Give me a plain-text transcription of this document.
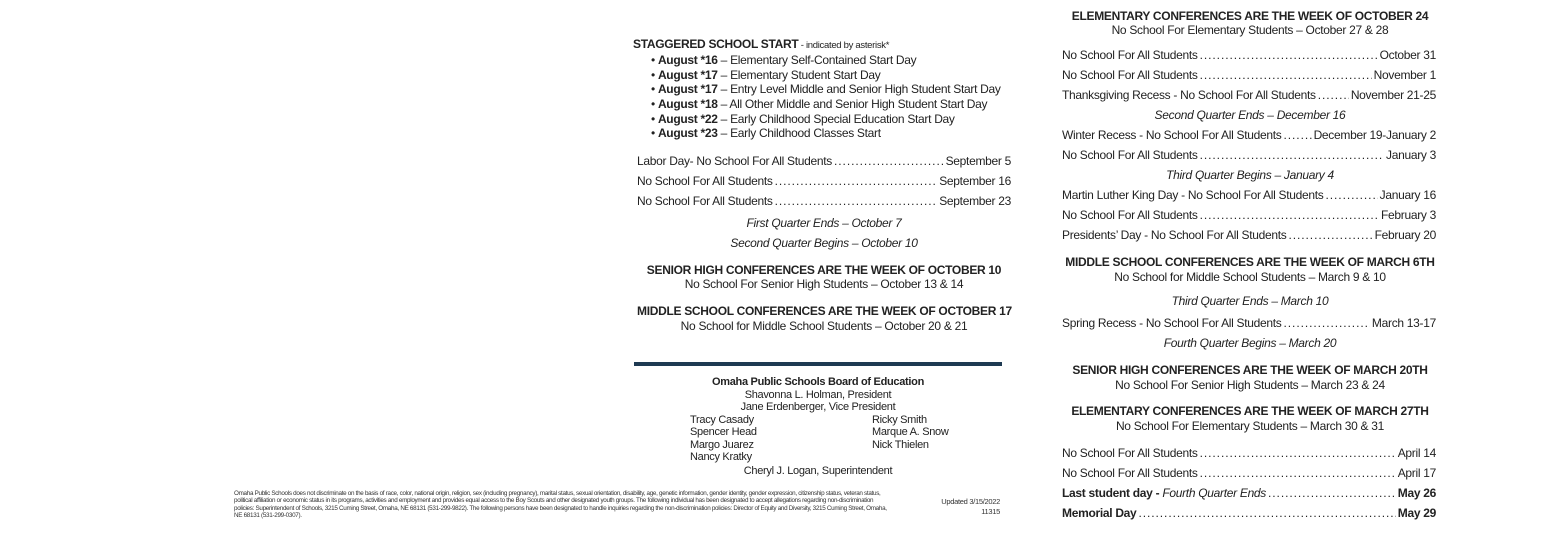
STAGGERED SCHOOL START - indicated by asterisk*
• August *16 – Elementary Self-Contained Start Day
• August *17 – Elementary Student Start Day
• August *17 – Entry Level Middle and Senior High Student Start Day
• August *18 – All Other Middle and Senior High Student Start Day
• August *22 – Early Childhood Special Education Start Day
• August *23 – Early Childhood Classes Start
Labor Day- No School For All Students . . .	September 5
No School For All Students . . .	September 16
No School For All Students . . .	September 23
First Quarter Ends – October 7
Second Quarter Begins – October 10
SENIOR HIGH CONFERENCES ARE THE WEEK OF OCTOBER 10
No School For Senior High Students – October 13 & 14
MIDDLE SCHOOL CONFERENCES ARE THE WEEK OF OCTOBER 17
No School for Middle School Students – October 20 & 21
Omaha Public Schools Board of Education
Shavonna L. Holman, President
Jane Erdenberger, Vice President
Tracy Casady
Spencer Head
Margo Juarez
Nancy Kratky
Ricky Smith
Marque A. Snow
Nick Thielen
Cheryl J. Logan, Superintendent
Omaha Public Schools does not discriminate on the basis of race, color, national origin, religion, sex (including pregnancy), marital status, sexual orientation, disability, age, genetic information, gender identity, gender expression, citizenship status, veteran status, political affiliation or economic status in its programs, activities and employment and provides equal access to the Boy Scouts and other designated youth groups. The following individual has been designated to accept allegations regarding non-discrimination policies: Superintendent of Schools, 3215 Cuming Street, Omaha, NE 68131 (531-299-9822). The following persons have been designated to handle inquiries regarding the non-discrimination policies: Director of Equity and Diversity, 3215 Cuming Street, Omaha, NE 68131 (531-299-0307).
Updated 3/15/2022
11315
ELEMENTARY CONFERENCES ARE THE WEEK OF OCTOBER 24
No School For Elementary Students – October 27 & 28
No School For All Students . . .	October 31
No School For All Students . . .	November 1
Thanksgiving Recess - No School For All Students . . .	November 21-25
Second Quarter Ends – December 16
Winter Recess - No School For All Students . . .	December 19-January 2
No School For All Students . . .	January 3
Third Quarter Begins – January 4
Martin Luther King Day - No School For All Students . . .	January 16
No School For All Students . . .	February 3
Presidents’ Day - No School For All Students . . .	February 20
MIDDLE SCHOOL CONFERENCES ARE THE WEEK OF MARCH 6TH
No School for Middle School Students – March 9 & 10
Third Quarter Ends – March 10
Spring Recess - No School For All Students . . .	March 13-17
Fourth Quarter Begins – March 20
SENIOR HIGH CONFERENCES ARE THE WEEK OF MARCH 20TH
No School For Senior High Students – March 23 & 24
ELEMENTARY CONFERENCES ARE THE WEEK OF MARCH 27TH
No School For Elementary Students – March 30 & 31
No School For All Students . . .	April 14
No School For All Students . . .	April 17
Last student day - Fourth Quarter Ends . . .	May 26
Memorial Day . . .	May 29
